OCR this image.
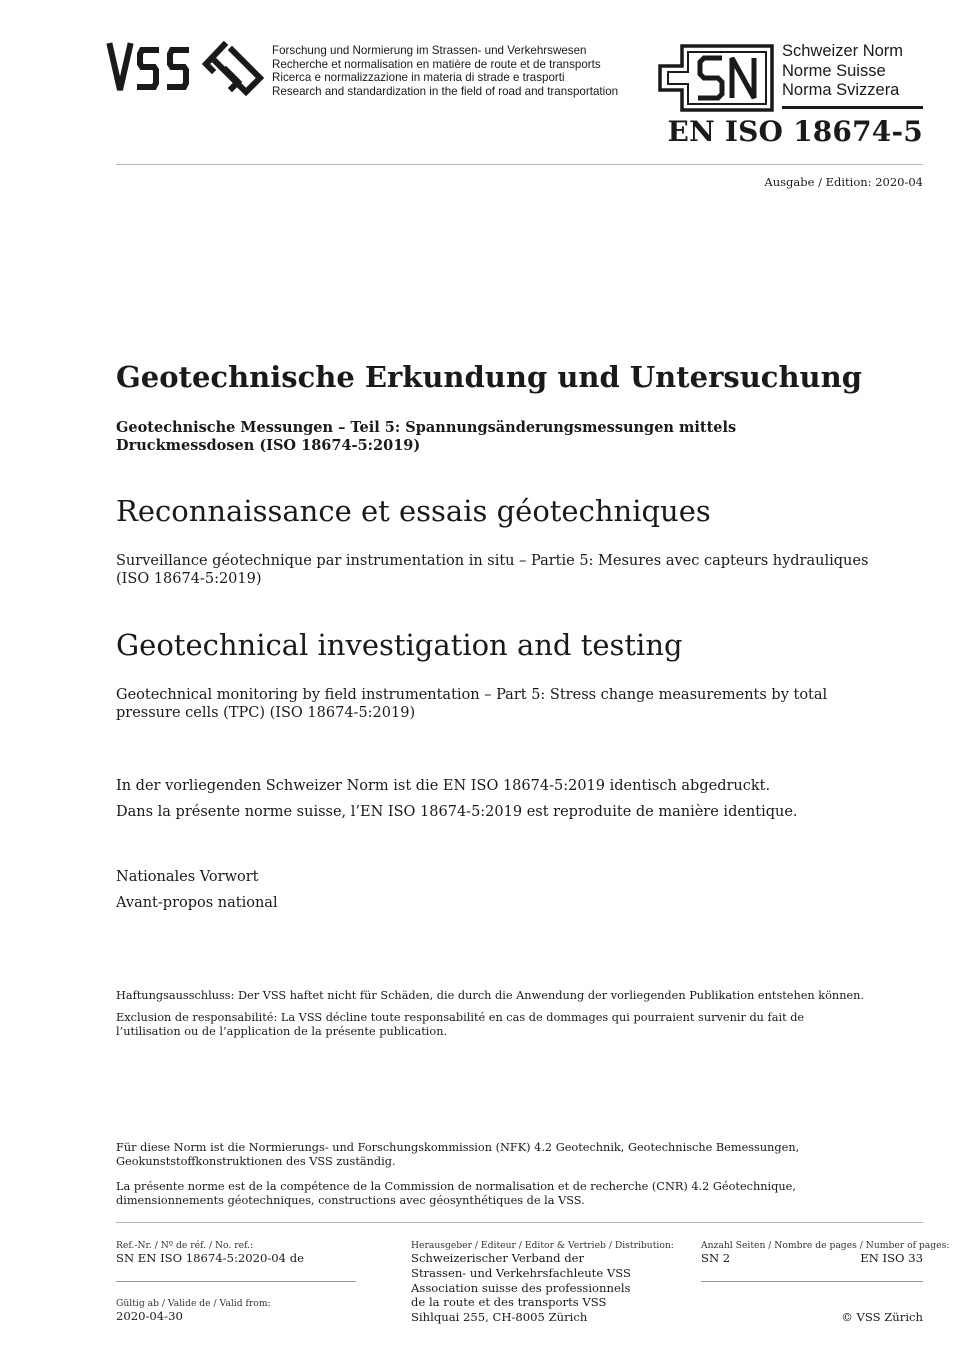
Forschung und Normierung im Strassen- und Verkehrswesen
Recherche et normalisation en matière de route et de transports
Ricerca e normalizzazione in materia di strade e trasporti
Research and standardization in the field of road and transportation
Schweizer Norm
Norme Suisse
Norma Svizzera
EN ISO 18674-5
Ausgabe / Edition: 2020-04
Geotechnische Erkundung und Untersuchung
Geotechnische Messungen – Teil 5: Spannungsänderungsmessungen mittels Druckmessdosen (ISO 18674-5:2019)
Reconnaissance et essais géotechniques
Surveillance géotechnique par instrumentation in situ – Partie 5: Mesures avec capteurs hydrauliques (ISO 18674-5:2019)
Geotechnical investigation and testing
Geotechnical monitoring by field instrumentation – Part 5: Stress change measurements by total pressure cells (TPC) (ISO 18674-5:2019)
In der vorliegenden Schweizer Norm ist die EN ISO 18674-5:2019 identisch abgedruckt.
Dans la présente norme suisse, l’EN ISO 18674-5:2019 est reproduite de manière identique.
Nationales Vorwort
Avant-propos national
Haftungsausschluss: Der VSS haftet nicht für Schäden, die durch die Anwendung der vorliegenden Publikation entstehen können.
Exclusion de responsabilité: La VSS décline toute responsabilité en cas de dommages qui pourraient survenir du fait de l’utilisation ou de l’application de la présente publication.
Für diese Norm ist die Normierungs- und Forschungskommission (NFK) 4.2 Geotechnik, Geotechnische Bemessungen, Geokunststoffkonstruktionen des VSS zuständig.
La présente norme est de la compétence de la Commission de normalisation et de recherche (CNR) 4.2 Géotechnique, dimensionnements géotechniques, constructions avec géosynthétiques de la VSS.
Ref.-Nr. / Nº de réf. / No. ref.:
SN EN ISO 18674-5:2020-04 de
Gültig ab / Valide de / Valid from:
2020-04-30
Herausgeber / Editeur / Editor & Vertrieb / Distribution:
Schweizerischer Verband der
Strassen- und Verkehrsfachleute VSS
Association suisse des professionnels
de la route et des transports VSS
Sihlquai 255, CH-8005 Zürich
Anzahl Seiten / Nombre de pages / Number of pages:
SN 2	EN ISO 33
© VSS Zürich
